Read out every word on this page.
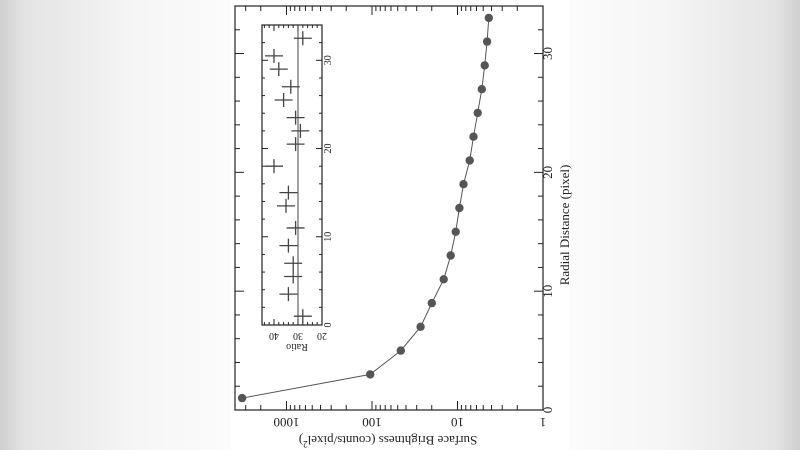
0
10
20
30
1
10
100
1000
0
10
20
30
20
30
40
Radial Distance (pixel)
Surface Brightness (counts/pixel$^2$)
Ratio
